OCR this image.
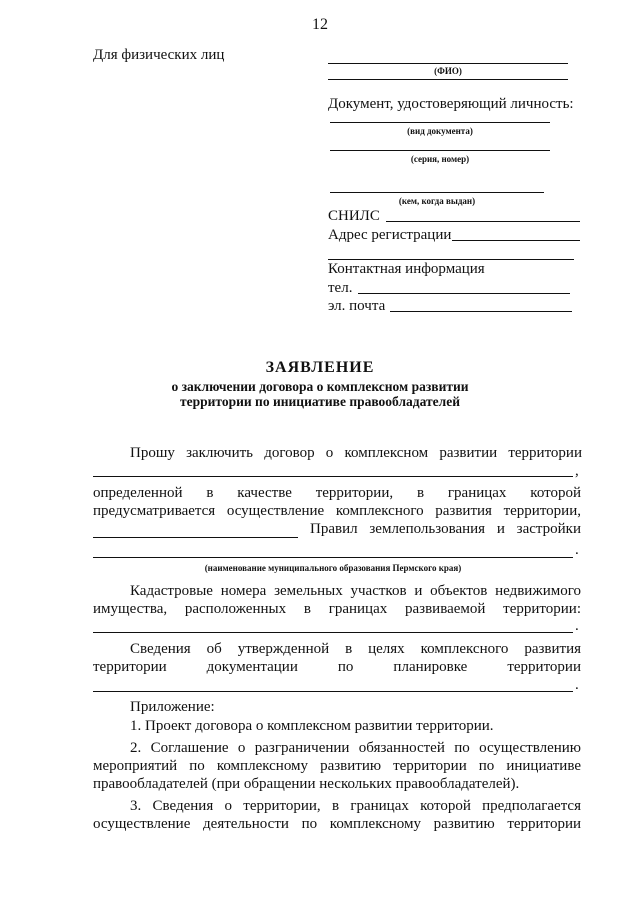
12
Для физических лиц
(ФИО)
Документ, удостоверяющий личность:
(вид документа)
(серия, номер)
(кем, когда выдан)
СНИЛС
Адрес регистрации
Контактная информация
тел.
эл. почта
ЗАЯВЛЕНИЕ
о заключении договора о комплексном развитии
территории по инициативе правообладателей
Прошу заключить договор о комплексном развитии территории
,
определенной в качестве территории, в границах которой
предусматривается осуществление комплексного развития территории,
Правил землепользования и застройки
.
(наименование муниципального образования Пермского края)
Кадастровые номера земельных участков и объектов недвижимого
имущества, расположенных в границах развиваемой территории:
.
Сведения об утвержденной в целях комплексного развития
территории документации по планировке территории
.
Приложение:
1. Проект договора о комплексном развитии территории.
2. Соглашение о разграничении обязанностей по осуществлению
мероприятий по комплексному развитию территории по инициативе
правообладателей (при обращении нескольких правообладателей).
3. Сведения о территории, в границах которой предполагается
осуществление деятельности по комплексному развитию территории
